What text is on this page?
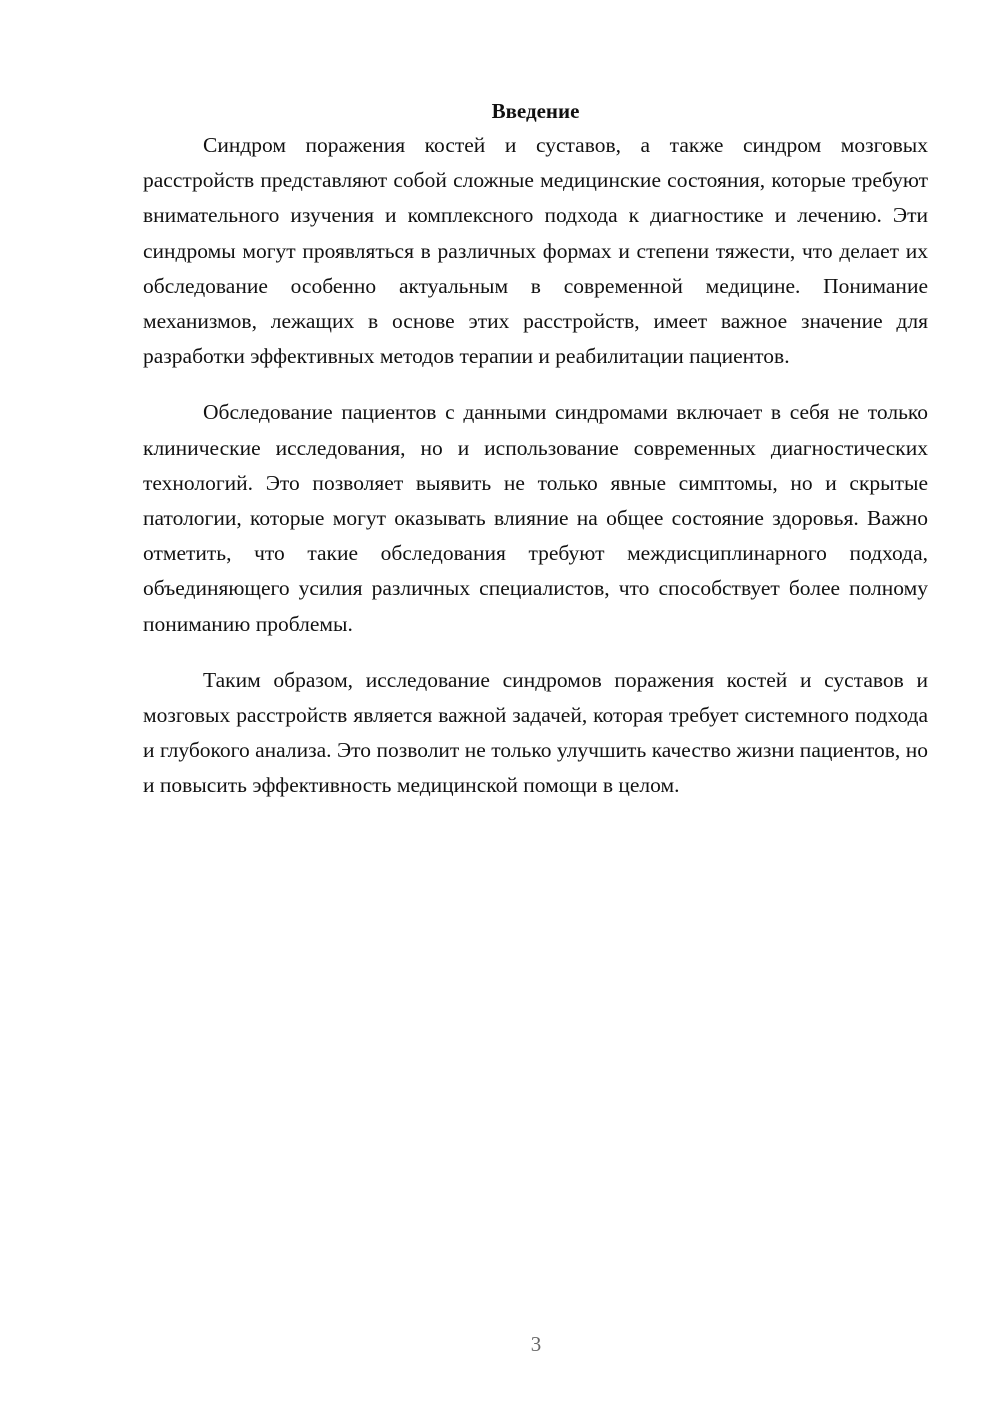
Введение

Синдром поражения костей и суставов, а также синдром мозговых расстройств представляют собой сложные медицинские состояния, которые требуют внимательного изучения и комплексного подхода к диагностике и лечению. Эти синдромы могут проявляться в различных формах и степени тяжести, что делает их обследование особенно актуальным в современной медицине. Понимание механизмов, лежащих в основе этих расстройств, имеет важное значение для разработки эффективных методов терапии и реабилитации пациентов.

Обследование пациентов с данными синдромами включает в себя не только клинические исследования, но и использование современных диагностических технологий. Это позволяет выявить не только явные симптомы, но и скрытые патологии, которые могут оказывать влияние на общее состояние здоровья. Важно отметить, что такие обследования требуют междисциплинарного подхода, объединяющего усилия различных специалистов, что способствует более полному пониманию проблемы.

Таким образом, исследование синдромов поражения костей и суставов и мозговых расстройств является важной задачей, которая требует системного подхода и глубокого анализа. Это позволит не только улучшить качество жизни пациентов, но и повысить эффективность медицинской помощи в целом.

3
